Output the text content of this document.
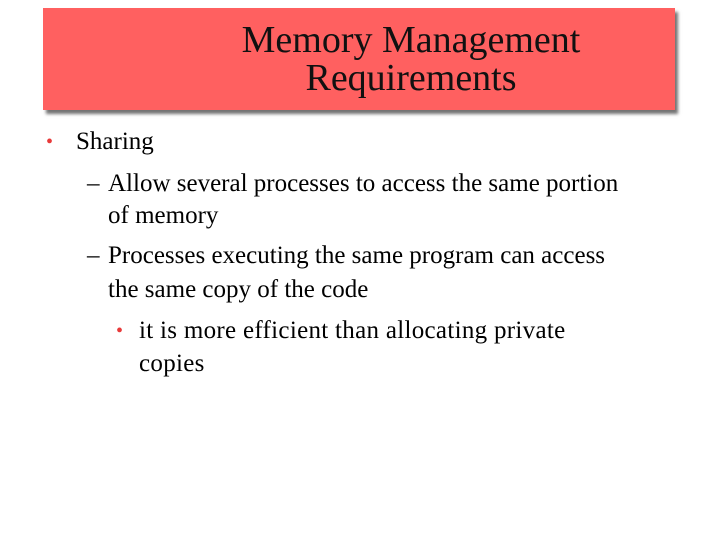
Memory Management
Requirements
• Sharing
– Allow several processes to access the same portion
of memory
– Processes executing the same program can access
the same copy of the code
• it is more efficient than allocating private
copies
